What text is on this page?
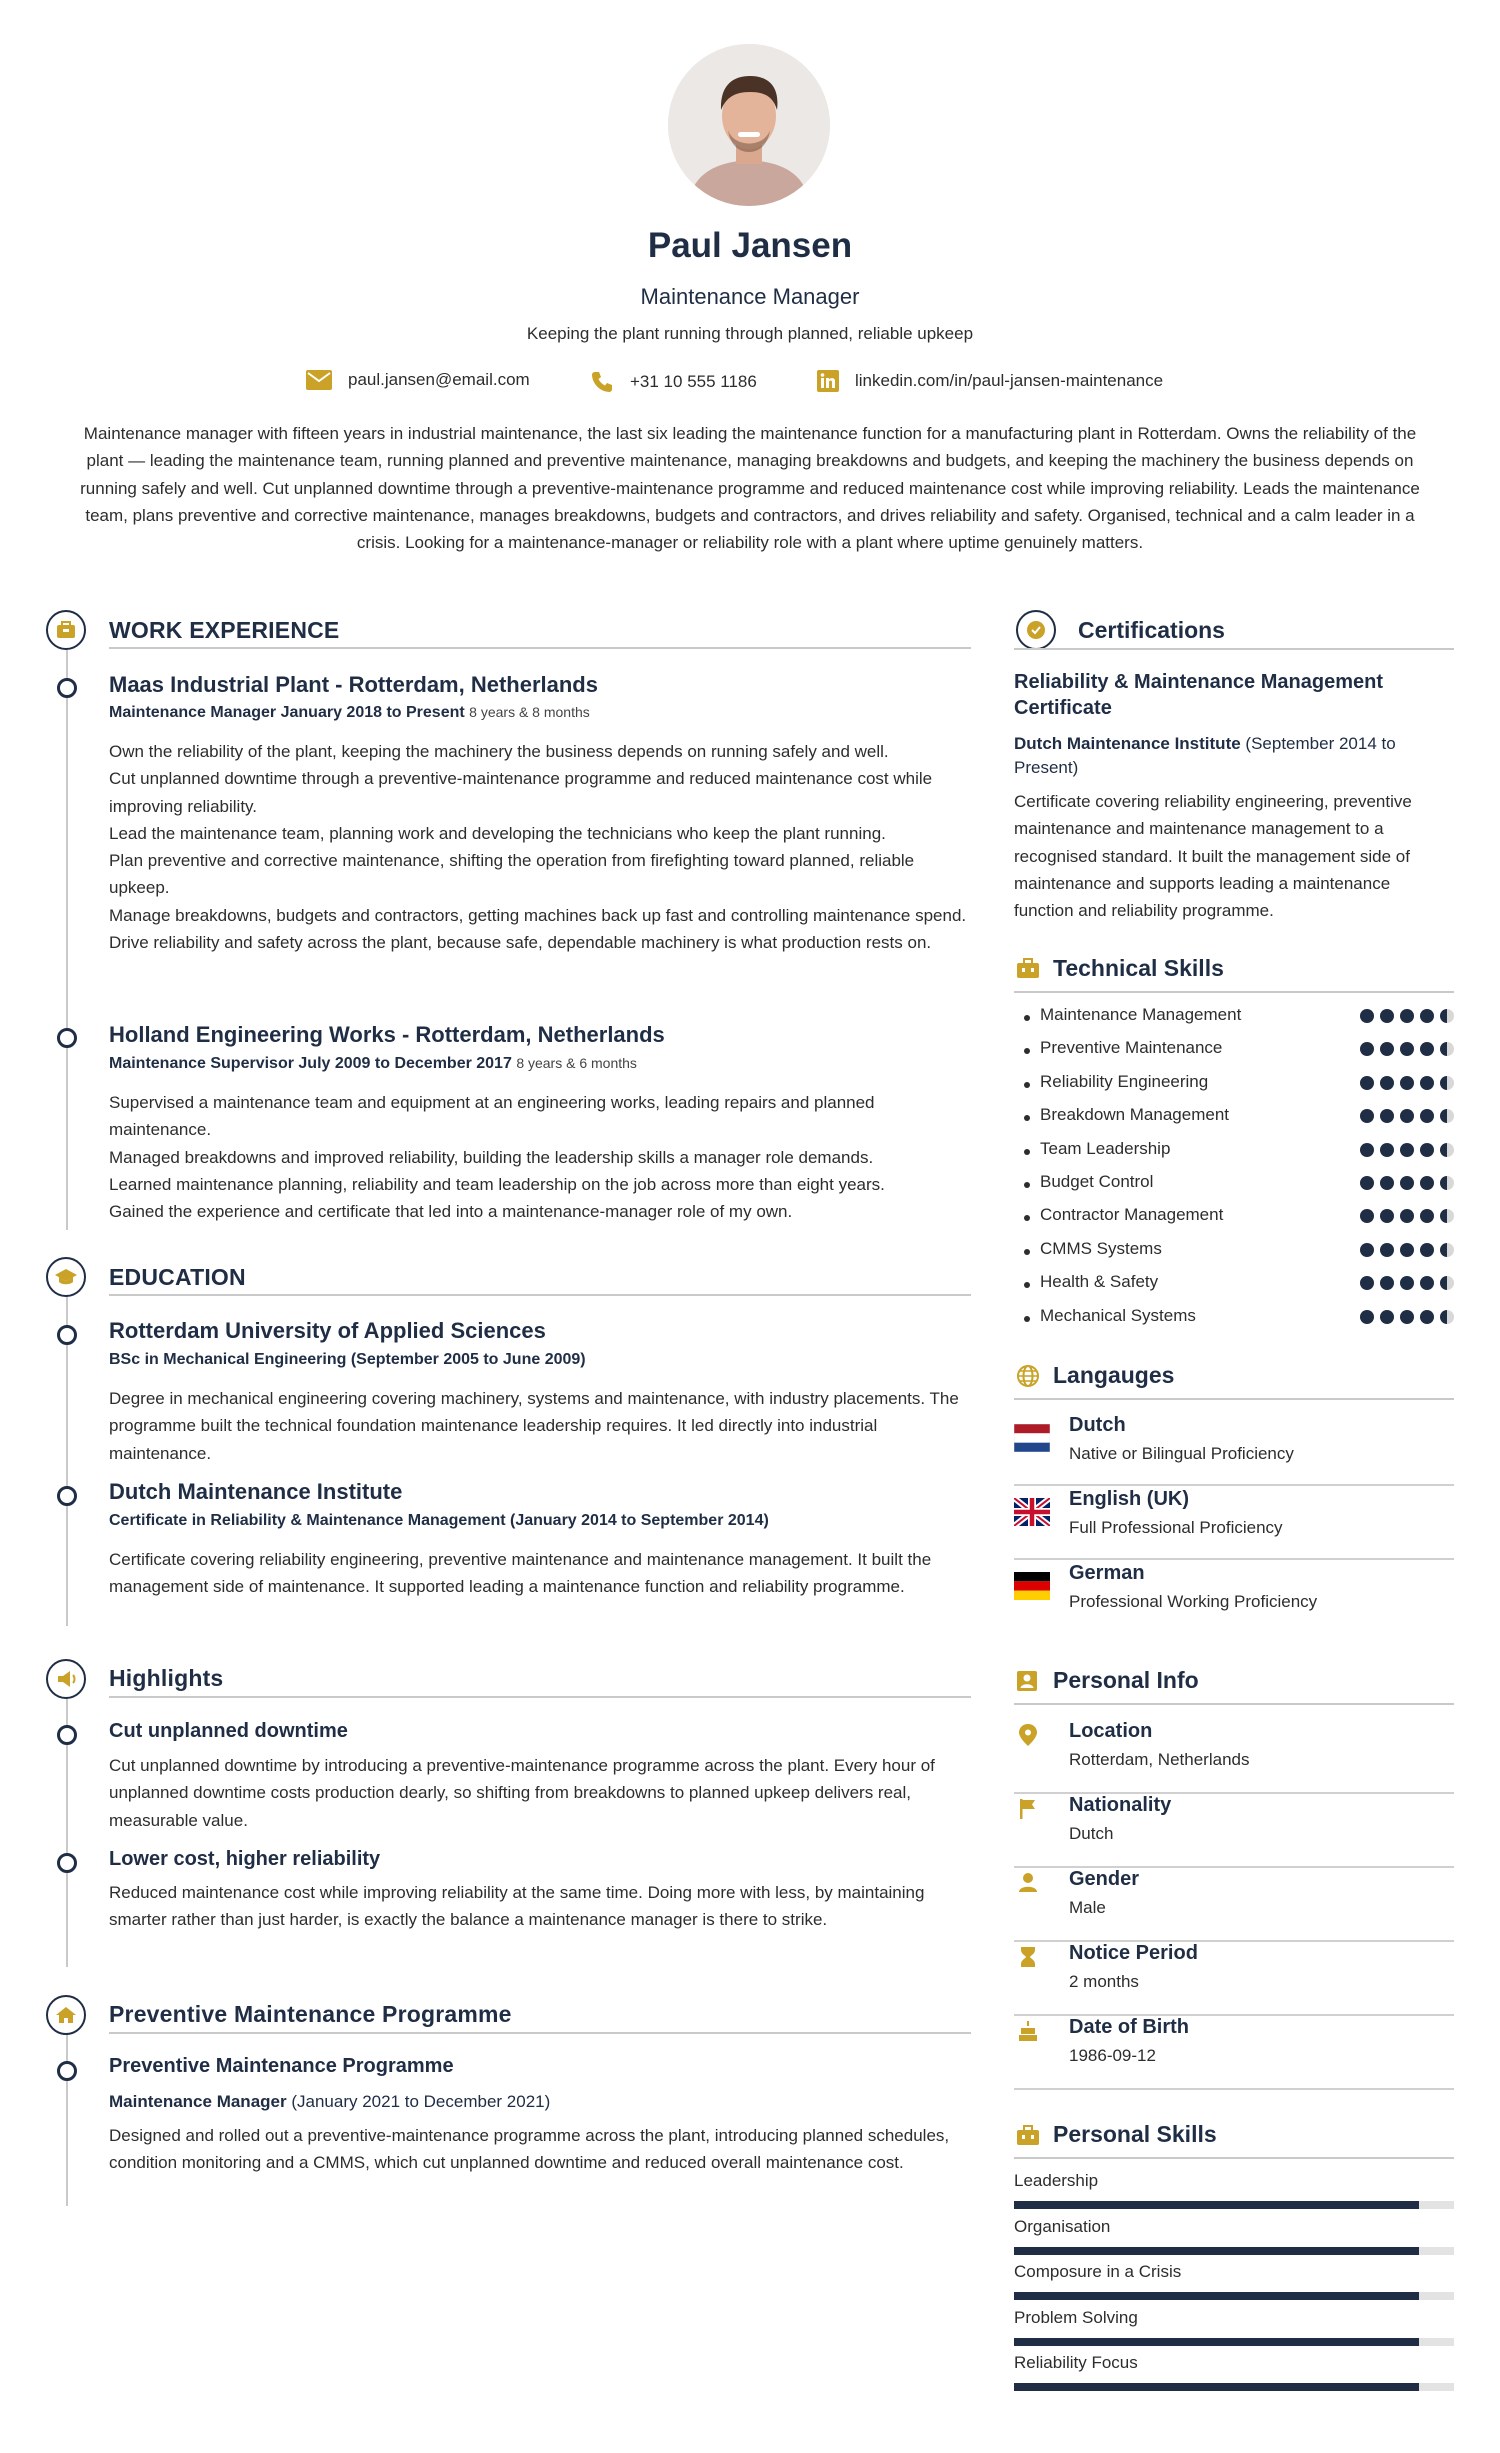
Paul Jansen
Maintenance Manager
Keeping the plant running through planned, reliable upkeep
paul.jansen@email.com	+31 10 555 1186	linkedin.com/in/paul-jansen-maintenance
Maintenance manager with fifteen years in industrial maintenance, the last six leading the maintenance function for a manufacturing plant in Rotterdam. Owns the reliability of the plant — leading the maintenance team, running planned and preventive maintenance, managing breakdowns and budgets, and keeping the machinery the business depends on running safely and well. Cut unplanned downtime through a preventive-maintenance programme and reduced maintenance cost while improving reliability. Leads the maintenance team, plans preventive and corrective maintenance, manages breakdowns, budgets and contractors, and drives reliability and safety. Organised, technical and a calm leader in a crisis. Looking for a maintenance-manager or reliability role with a plant where uptime genuinely matters.
WORK EXPERIENCE
Maas Industrial Plant - Rotterdam, Netherlands
Maintenance Manager January 2018 to Present 8 years & 8 months
Own the reliability of the plant, keeping the machinery the business depends on running safely and well.
Cut unplanned downtime through a preventive-maintenance programme and reduced maintenance cost while improving reliability.
Lead the maintenance team, planning work and developing the technicians who keep the plant running.
Plan preventive and corrective maintenance, shifting the operation from firefighting toward planned, reliable upkeep.
Manage breakdowns, budgets and contractors, getting machines back up fast and controlling maintenance spend.
Drive reliability and safety across the plant, because safe, dependable machinery is what production rests on.
Holland Engineering Works - Rotterdam, Netherlands
Maintenance Supervisor July 2009 to December 2017 8 years & 6 months
Supervised a maintenance team and equipment at an engineering works, leading repairs and planned maintenance.
Managed breakdowns and improved reliability, building the leadership skills a manager role demands.
Learned maintenance planning, reliability and team leadership on the job across more than eight years.
Gained the experience and certificate that led into a maintenance-manager role of my own.
EDUCATION
Rotterdam University of Applied Sciences
BSc in Mechanical Engineering (September 2005 to June 2009)
Degree in mechanical engineering covering machinery, systems and maintenance, with industry placements. The programme built the technical foundation maintenance leadership requires. It led directly into industrial maintenance.
Dutch Maintenance Institute
Certificate in Reliability & Maintenance Management (January 2014 to September 2014)
Certificate covering reliability engineering, preventive maintenance and maintenance management. It built the management side of maintenance. It supported leading a maintenance function and reliability programme.
Highlights
Cut unplanned downtime
Cut unplanned downtime by introducing a preventive-maintenance programme across the plant. Every hour of unplanned downtime costs production dearly, so shifting from breakdowns to planned upkeep delivers real, measurable value.
Lower cost, higher reliability
Reduced maintenance cost while improving reliability at the same time. Doing more with less, by maintaining smarter rather than just harder, is exactly the balance a maintenance manager is there to strike.
Preventive Maintenance Programme
Preventive Maintenance Programme
Maintenance Manager (January 2021 to December 2021)
Designed and rolled out a preventive-maintenance programme across the plant, introducing planned schedules, condition monitoring and a CMMS, which cut unplanned downtime and reduced overall maintenance cost.
Certifications
Reliability & Maintenance Management Certificate
Dutch Maintenance Institute (September 2014 to Present)
Certificate covering reliability engineering, preventive maintenance and maintenance management to a recognised standard. It built the management side of maintenance and supports leading a maintenance function and reliability programme.
Technical Skills
Maintenance Management
Preventive Maintenance
Reliability Engineering
Breakdown Management
Team Leadership
Budget Control
Contractor Management
CMMS Systems
Health & Safety
Mechanical Systems
Langauges
Dutch
Native or Bilingual Proficiency
English (UK)
Full Professional Proficiency
German
Professional Working Proficiency
Personal Info
Location
Rotterdam, Netherlands
Nationality
Dutch
Gender
Male
Notice Period
2 months
Date of Birth
1986-09-12
Personal Skills
Leadership
Organisation
Composure in a Crisis
Problem Solving
Reliability Focus
